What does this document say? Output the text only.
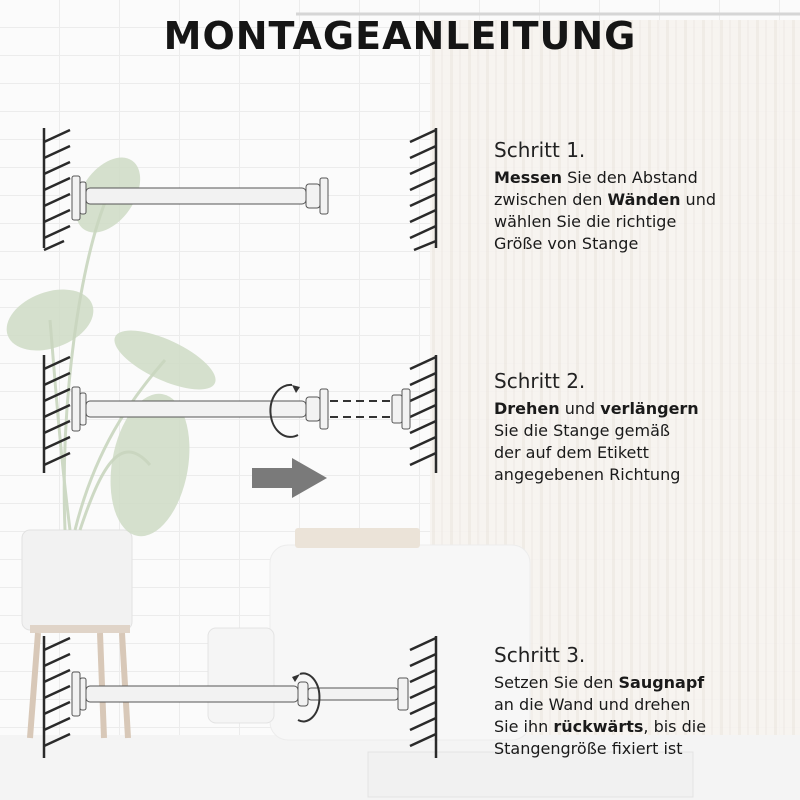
MONTAGEANLEITUNG
Schritt 1.
Messen Sie den Abstand
zwischen den Wänden und
wählen Sie die richtige
Größe von Stange
Schritt 2.
Drehen und verlängern
Sie die Stange gemäß
der auf dem Etikett
angegebenen Richtung
Schritt 3.
Setzen Sie den Saugnapf
an die Wand und drehen
Sie ihn rückwärts, bis die
Stangengröße fixiert ist
